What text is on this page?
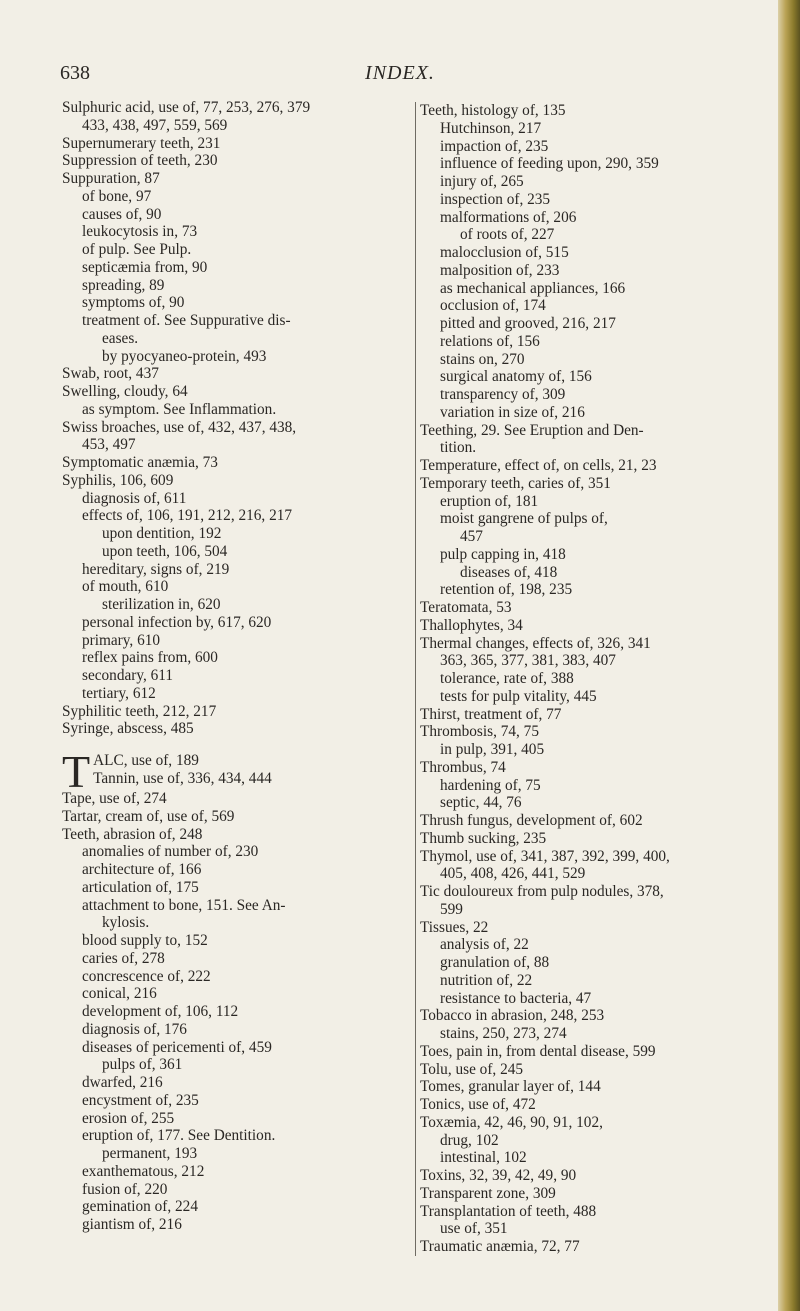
638	INDEX.
Sulphuric acid, use of, 77, 253, 276, 379
433, 438, 497, 559, 569
Supernumerary teeth, 231
Suppression of teeth, 230
Suppuration, 87
of bone, 97
causes of, 90
leukocytosis in, 73
of pulp. See Pulp.
septicæmia from, 90
spreading, 89
symptoms of, 90
treatment of. See Suppurative dis-
eases.
by pyocyaneo-protein, 493
Swab, root, 437
Swelling, cloudy, 64
as symptom. See Inflammation.
Swiss broaches, use of, 432, 437, 438,
453, 497
Symptomatic anæmia, 73
Syphilis, 106, 609
diagnosis of, 611
effects of, 106, 191, 212, 216, 217
upon dentition, 192
upon teeth, 106, 504
hereditary, signs of, 219
of mouth, 610
sterilization in, 620
personal infection by, 617, 620
primary, 610
reflex pains from, 600
secondary, 611
tertiary, 612
Syphilitic teeth, 212, 217
Syringe, abscess, 485
T ALC, use of, 189
Tannin, use of, 336, 434, 444
Tape, use of, 274
Tartar, cream of, use of, 569
Teeth, abrasion of, 248
anomalies of number of, 230
architecture of, 166
articulation of, 175
attachment to bone, 151. See An-
kylosis.
blood supply to, 152
caries of, 278
concrescence of, 222
conical, 216
development of, 106, 112
diagnosis of, 176
diseases of pericementi of, 459
pulps of, 361
dwarfed, 216
encystment of, 235
erosion of, 255
eruption of, 177. See Dentition.
permanent, 193
exanthematous, 212
fusion of, 220
gemination of, 224
giantism of, 216
Teeth, histology of, 135
Hutchinson, 217
impaction of, 235
influence of feeding upon, 290, 359
injury of, 265
inspection of, 235
malformations of, 206
of roots of, 227
malocclusion of, 515
malposition of, 233
as mechanical appliances, 166
occlusion of, 174
pitted and grooved, 216, 217
relations of, 156
stains on, 270
surgical anatomy of, 156
transparency of, 309
variation in size of, 216
Teething, 29. See Eruption and Den-
tition.
Temperature, effect of, on cells, 21, 23
Temporary teeth, caries of, 351
eruption of, 181
moist gangrene of pulps of,
457
pulp capping in, 418
diseases of, 418
retention of, 198, 235
Teratomata, 53
Thallophytes, 34
Thermal changes, effects of, 326, 341
363, 365, 377, 381, 383, 407
tolerance, rate of, 388
tests for pulp vitality, 445
Thirst, treatment of, 77
Thrombosis, 74, 75
in pulp, 391, 405
Thrombus, 74
hardening of, 75
septic, 44, 76
Thrush fungus, development of, 602
Thumb sucking, 235
Thymol, use of, 341, 387, 392, 399, 400,
405, 408, 426, 441, 529
Tic douloureux from pulp nodules, 378,
599
Tissues, 22
analysis of, 22
granulation of, 88
nutrition of, 22
resistance to bacteria, 47
Tobacco in abrasion, 248, 253
stains, 250, 273, 274
Toes, pain in, from dental disease, 599
Tolu, use of, 245
Tomes, granular layer of, 144
Tonics, use of, 472
Toxæmia, 42, 46, 90, 91, 102,
drug, 102
intestinal, 102
Toxins, 32, 39, 42, 49, 90
Transparent zone, 309
Transplantation of teeth, 488
use of, 351
Traumatic anæmia, 72, 77
